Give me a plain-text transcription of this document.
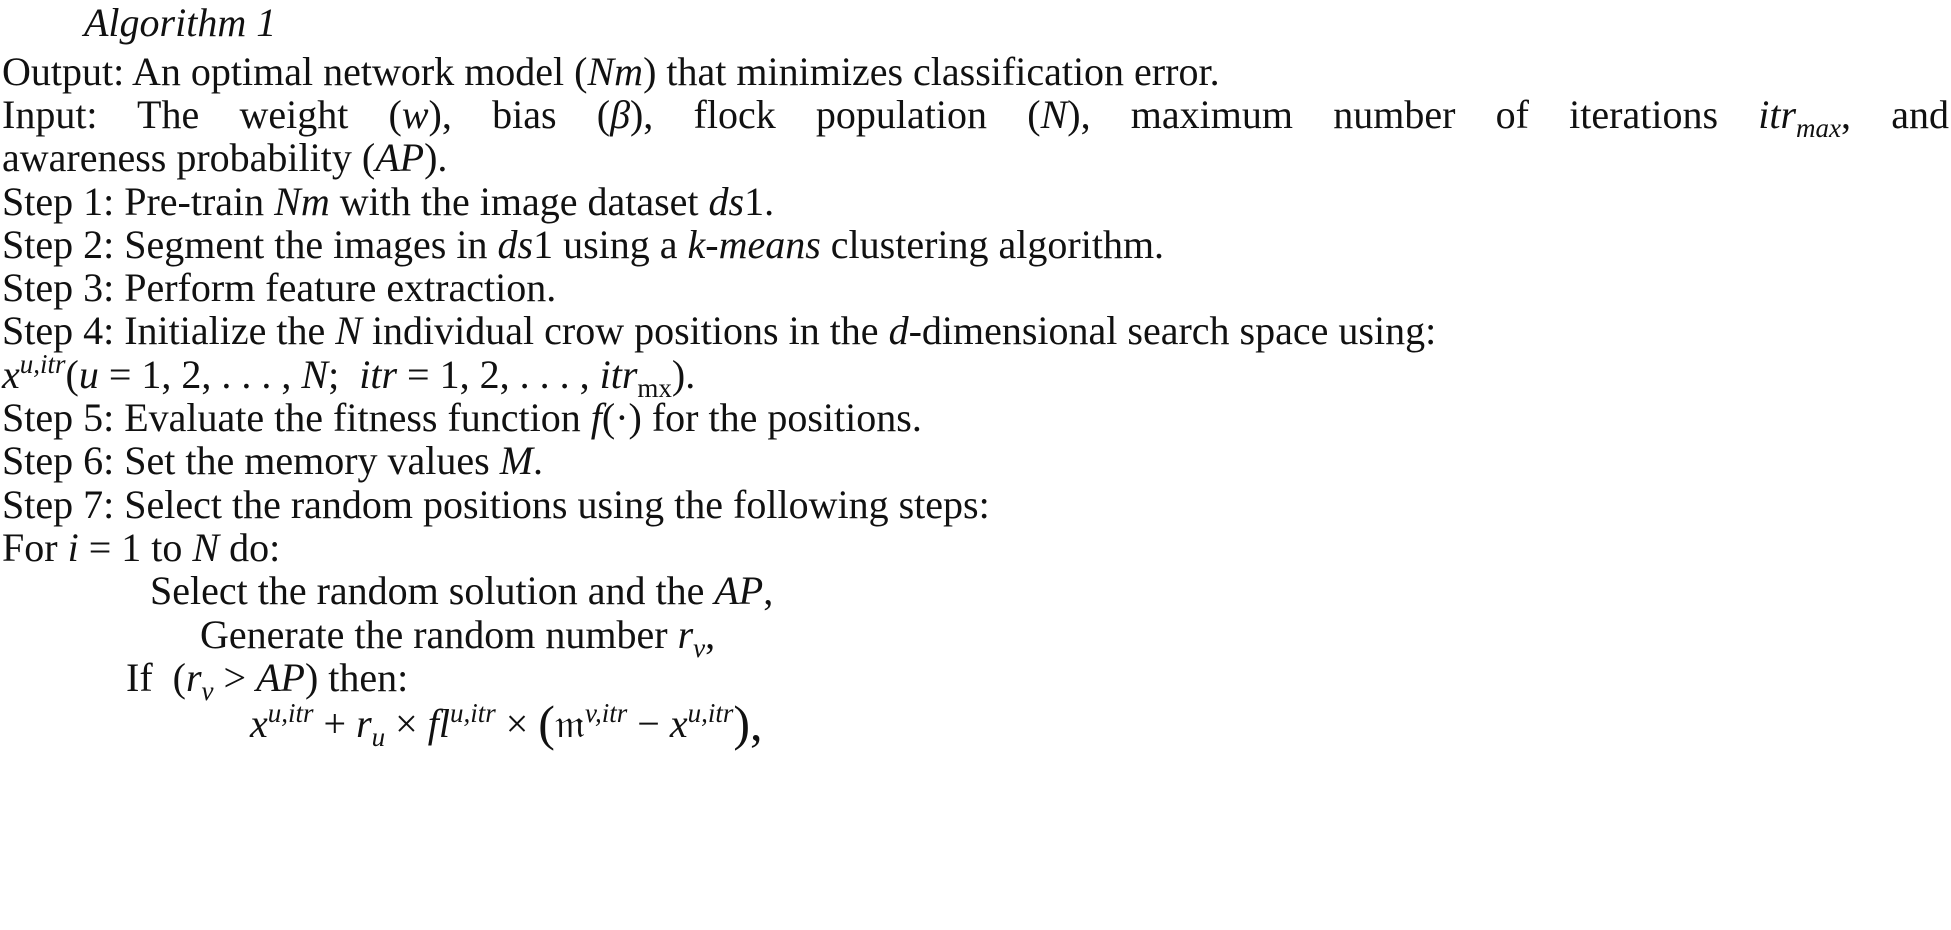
Algorithm 1
Output: An optimal network model (Nm) that minimizes classification error.
Input: The weight (w), bias (β), flock population (N), maximum number of iterations itr$_{max}$, and
awareness probability (AP).
Step 1: Pre-train Nm with the image dataset ds1.
Step 2: Segment the images in ds1 using a k-means clustering algorithm.
Step 3: Perform feature extraction.
Step 4: Initialize the N individual crow positions in the d-dimensional search space using:
$x^{u,itr}(u = 1$, 2, . . . , N;  itr = 1, 2, . . . , itr$_{mx}$).
Step 5: Evaluate the fitness function f(·) for the positions.
Step 6: Set the memory values M.
Step 7: Select the random positions using the following steps:
For i = 1 to N do:
Select the random solution and the AP,
Generate the random number $r_v$,
If  $(r_v > AP)$ then:
$x^{u,itr} + r_u \times fl^{u,itr}$ × (𝔪$^{v,itr}$ − $x^{u,itr}$),
